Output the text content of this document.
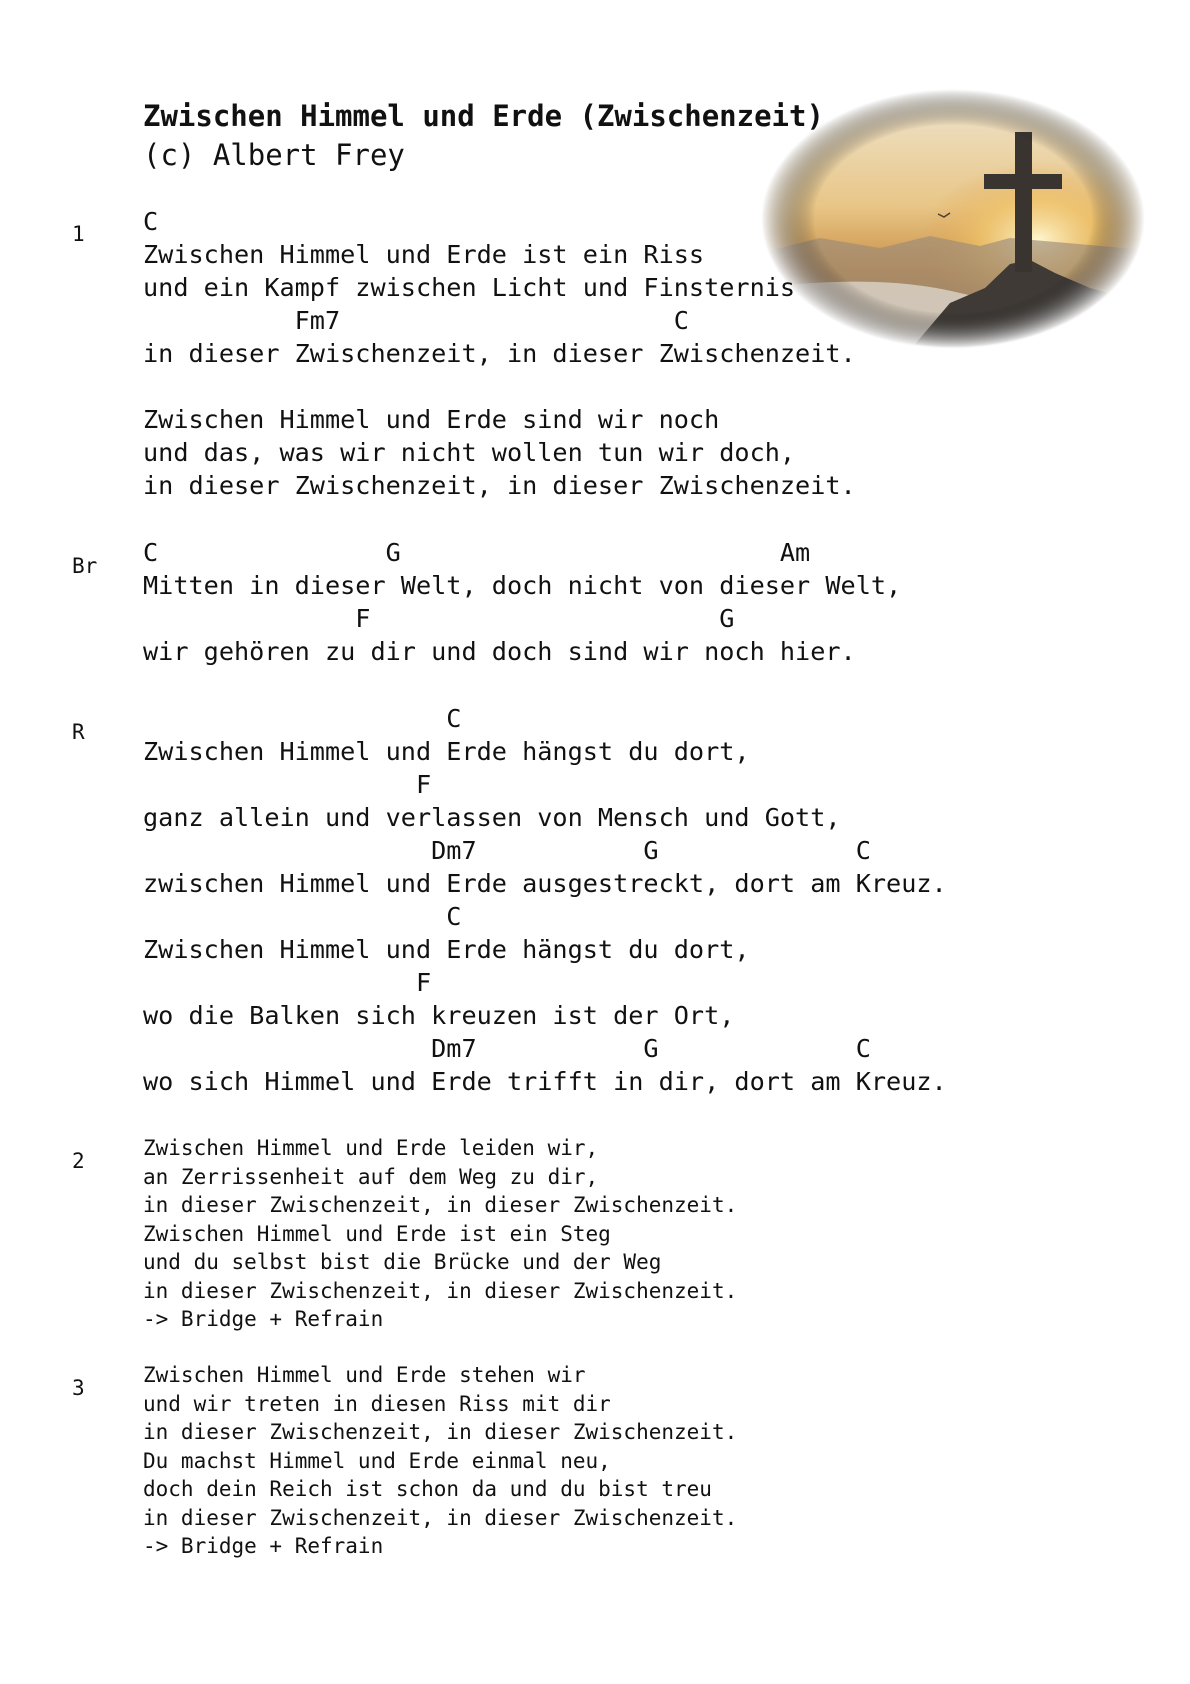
Zwischen Himmel und Erde (Zwischenzeit)
(c) Albert Frey
1 C
Zwischen Himmel und Erde ist ein Riss
und ein Kampf zwischen Licht und Finsternis
Fm7                      C
in dieser Zwischenzeit, in dieser Zwischenzeit.
Zwischen Himmel und Erde sind wir noch
und das, was wir nicht wollen tun wir doch,
in dieser Zwischenzeit, in dieser Zwischenzeit.
Br C               G                         Am
Mitten in dieser Welt, doch nicht von dieser Welt,
F                       G
wir gehören zu dir und doch sind wir noch hier.
R C
Zwischen Himmel und Erde hängst du dort,
F
ganz allein und verlassen von Mensch und Gott,
Dm7           G             C
zwischen Himmel und Erde ausgestreckt, dort am Kreuz.
C
Zwischen Himmel und Erde hängst du dort,
F
wo die Balken sich kreuzen ist der Ort,
Dm7           G             C
wo sich Himmel und Erde trifft in dir, dort am Kreuz.
2
Zwischen Himmel und Erde leiden wir,
an Zerrissenheit auf dem Weg zu dir,
in dieser Zwischenzeit, in dieser Zwischenzeit.
Zwischen Himmel und Erde ist ein Steg
und du selbst bist die Brücke und der Weg
in dieser Zwischenzeit, in dieser Zwischenzeit.
-> Bridge + Refrain
3
Zwischen Himmel und Erde stehen wir
und wir treten in diesen Riss mit dir
in dieser Zwischenzeit, in dieser Zwischenzeit.
Du machst Himmel und Erde einmal neu,
doch dein Reich ist schon da und du bist treu
in dieser Zwischenzeit, in dieser Zwischenzeit.
-> Bridge + Refrain
